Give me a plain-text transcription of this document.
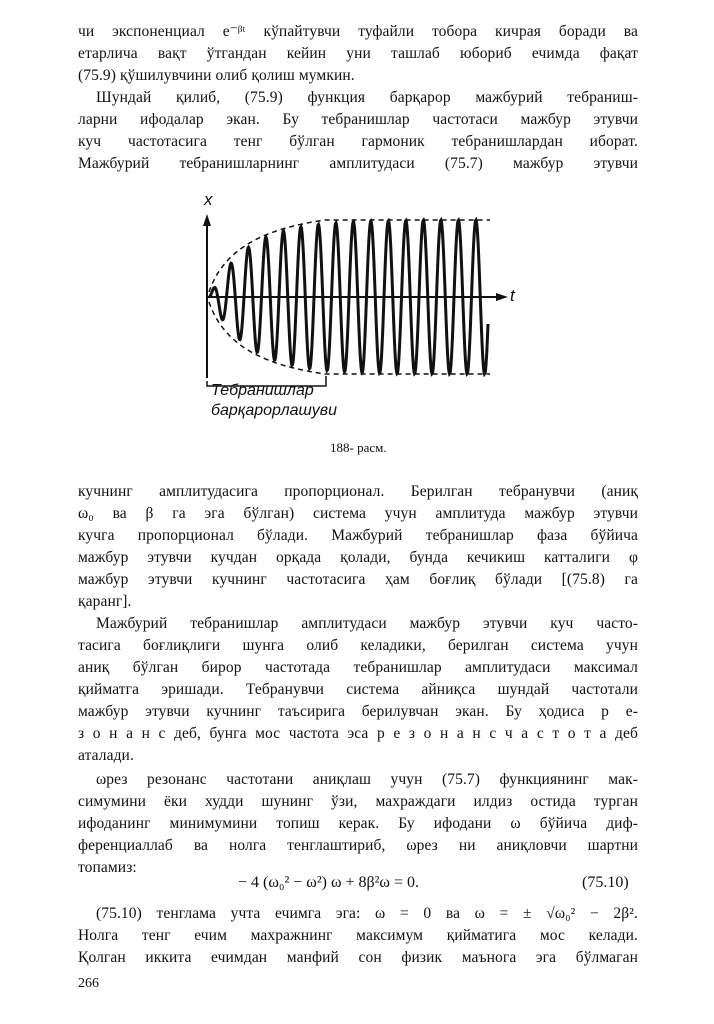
чи экспоненциал e⁻ᵝᵗ кўпайтувчи туфайли тобора кичрая боради ва
етарлича вақт ўтгандан кейин уни ташлаб юбориб ечимда фақат
(75.9) қўшилувчини олиб қолиш мумкин.
Шундай қилиб, (75.9) функция барқарор мажбурий тебраниш-
ларни ифодалар экан. Бу тебранишлар частотаси мажбур этувчи
куч частотасига тенг бўлган гармоник тебранишлардан иборат.
Мажбурий тебранишларнинг амплитудаси (75.7) мажбур этувчи
x
t
Тебранишлар
барқарорлашуви
188- расм.
кучнинг амплитудасига пропорционал. Берилган тебранувчи (аниқ
ω₀ ва β га эга бўлган) система учун амплитуда мажбур этувчи
кучга пропорционал бўлади. Мажбурий тебранишлар фаза бўйича
мажбур этувчи кучдан орқада қолади, бунда кечикиш катталиги φ
мажбур этувчи кучнинг частотасига ҳам боғлиқ бўлади [(75.8) га
қаранг].
Мажбурий тебранишлар амплитудаси мажбур этувчи куч часто-
тасига боғлиқлиги шунга олиб келадики, берилган система учун
аниқ бўлган бирор частотада тебранишлар амплитудаси максимал
қийматга эришади. Тебранувчи система айниқса шундай частотали
мажбур этувчи кучнинг таъсирига берилувчан экан. Бу ҳодиса р е-
з о н а н с деб, бунга мос частота эса р е з о н а н с ч а с т о т а деб
аталади.
ωрез резонанс частотани аниқлаш учун (75.7) функциянинг мак-
симумини ёки худди шунинг ўзи, махраждаги илдиз остида турган
ифоданинг минимумини топиш керак. Бу ифодани ω бўйича диф-
ференциаллаб ва нолга тенглаштириб, ωрез ни аниқловчи шартни
топамиз:
− 4 (ω₀² − ω²) ω + 8β²ω = 0.	(75.10)
(75.10) тенглама учта ечимга эга: ω = 0 ва ω = ± √ω₀² − 2β².
Нолга тенг ечим махражнинг максимум қийматига мос келади.
Қолган иккита ечимдан манфий сон физик маънога эга бўлмаган
266
